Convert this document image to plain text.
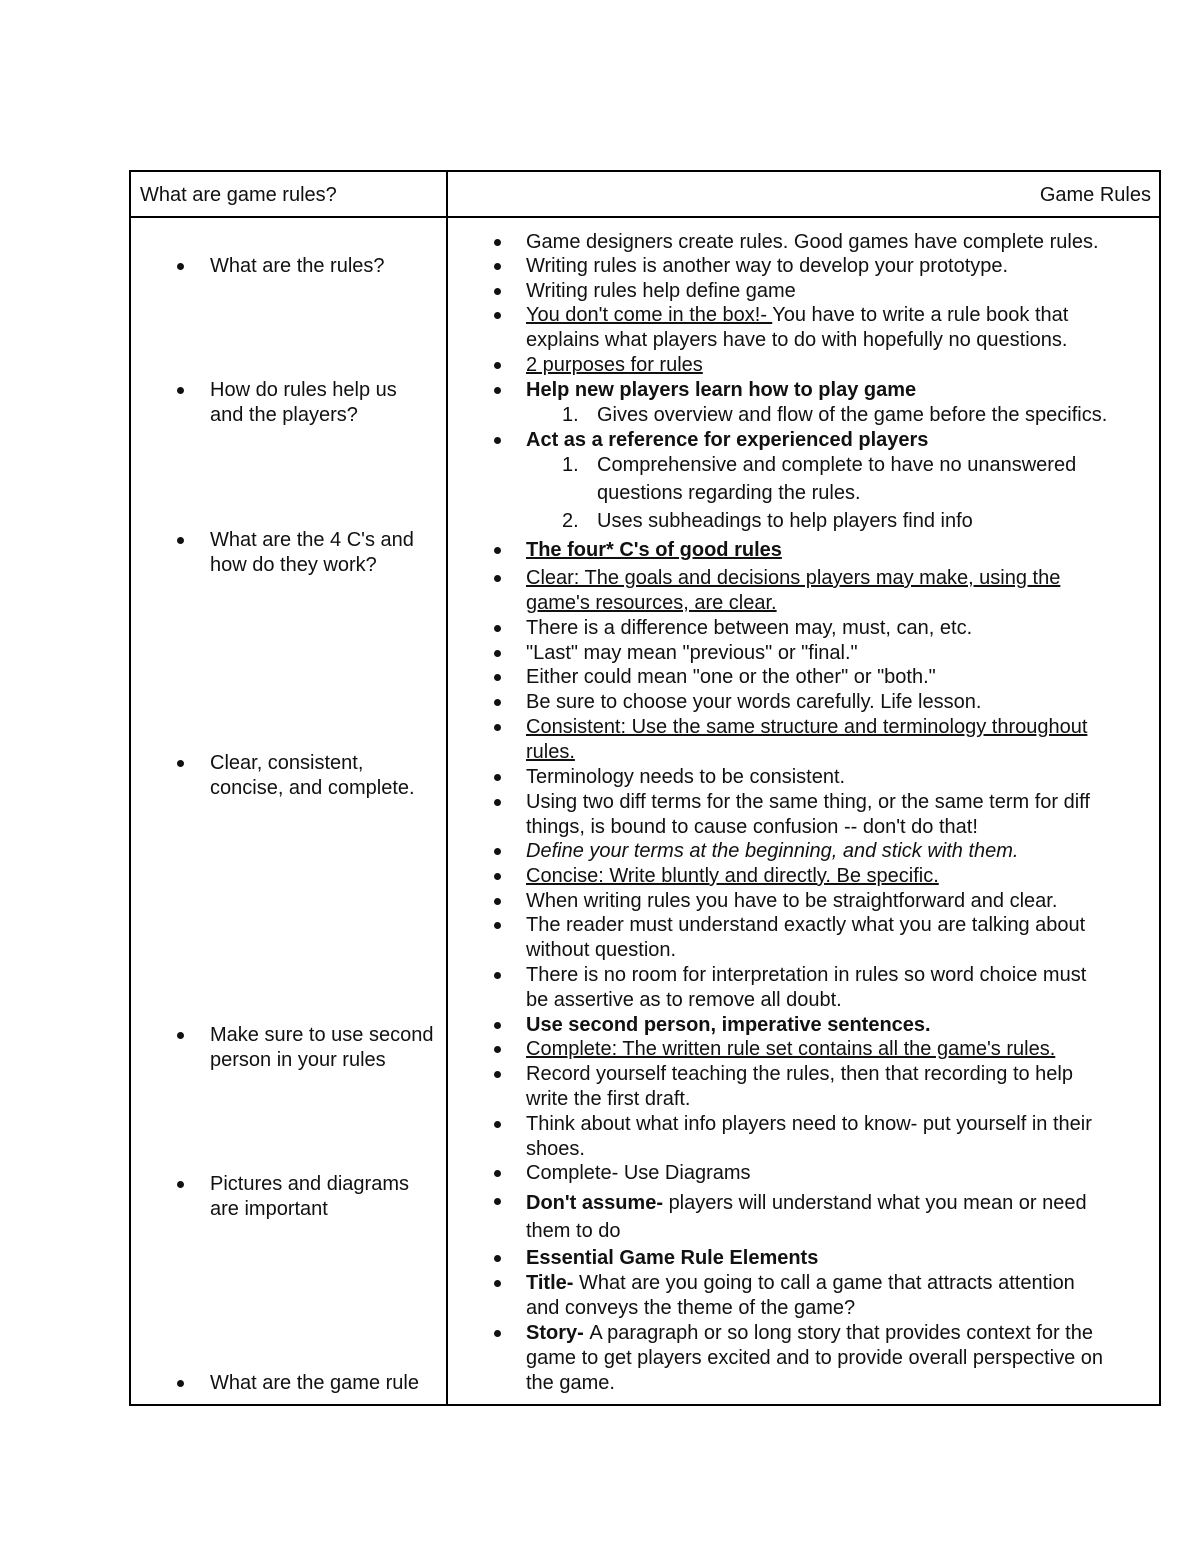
What are game rules?	Game Rules
What are the rules?
How do rules help us and the players?
What are the 4 C's and how do they work?
Clear, consistent, concise, and complete.
Make sure to use second person in your rules
Pictures and diagrams are important
What are the game rule
Game designers create rules. Good games have complete rules.
Writing rules is another way to develop your prototype.
Writing rules help define game
You don't come in the box!- You have to write a rule book that
explains what players have to do with hopefully no questions.
2 purposes for rules
Help new players learn how to play game
1. Gives overview and flow of the game before the specifics.
Act as a reference for experienced players
1. Comprehensive and complete to have no unanswered
questions regarding the rules.
2. Uses subheadings to help players find info
The four* C's of good rules
Clear: The goals and decisions players may make, using the
game's resources, are clear.
There is a difference between may, must, can, etc.
"Last" may mean "previous" or "final."
Either could mean "one or the other" or "both."
Be sure to choose your words carefully. Life lesson.
Consistent: Use the same structure and terminology throughout
rules.
Terminology needs to be consistent.
Using two diff terms for the same thing, or the same term for diff
things, is bound to cause confusion -- don't do that!
Define your terms at the beginning, and stick with them.
Concise: Write bluntly and directly. Be specific.
When writing rules you have to be straightforward and clear.
The reader must understand exactly what you are talking about
without question.
There is no room for interpretation in rules so word choice must
be assertive as to remove all doubt.
Use second person, imperative sentences.
Complete: The written rule set contains all the game's rules.
Record yourself teaching the rules, then that recording to help
write the first draft.
Think about what info players need to know- put yourself in their
shoes.
Complete- Use Diagrams
Don't assume- players will understand what you mean or need
them to do
Essential Game Rule Elements
Title- What are you going to call a game that attracts attention
and conveys the theme of the game?
Story- A paragraph or so long story that provides context for the
game to get players excited and to provide overall perspective on
the game.
